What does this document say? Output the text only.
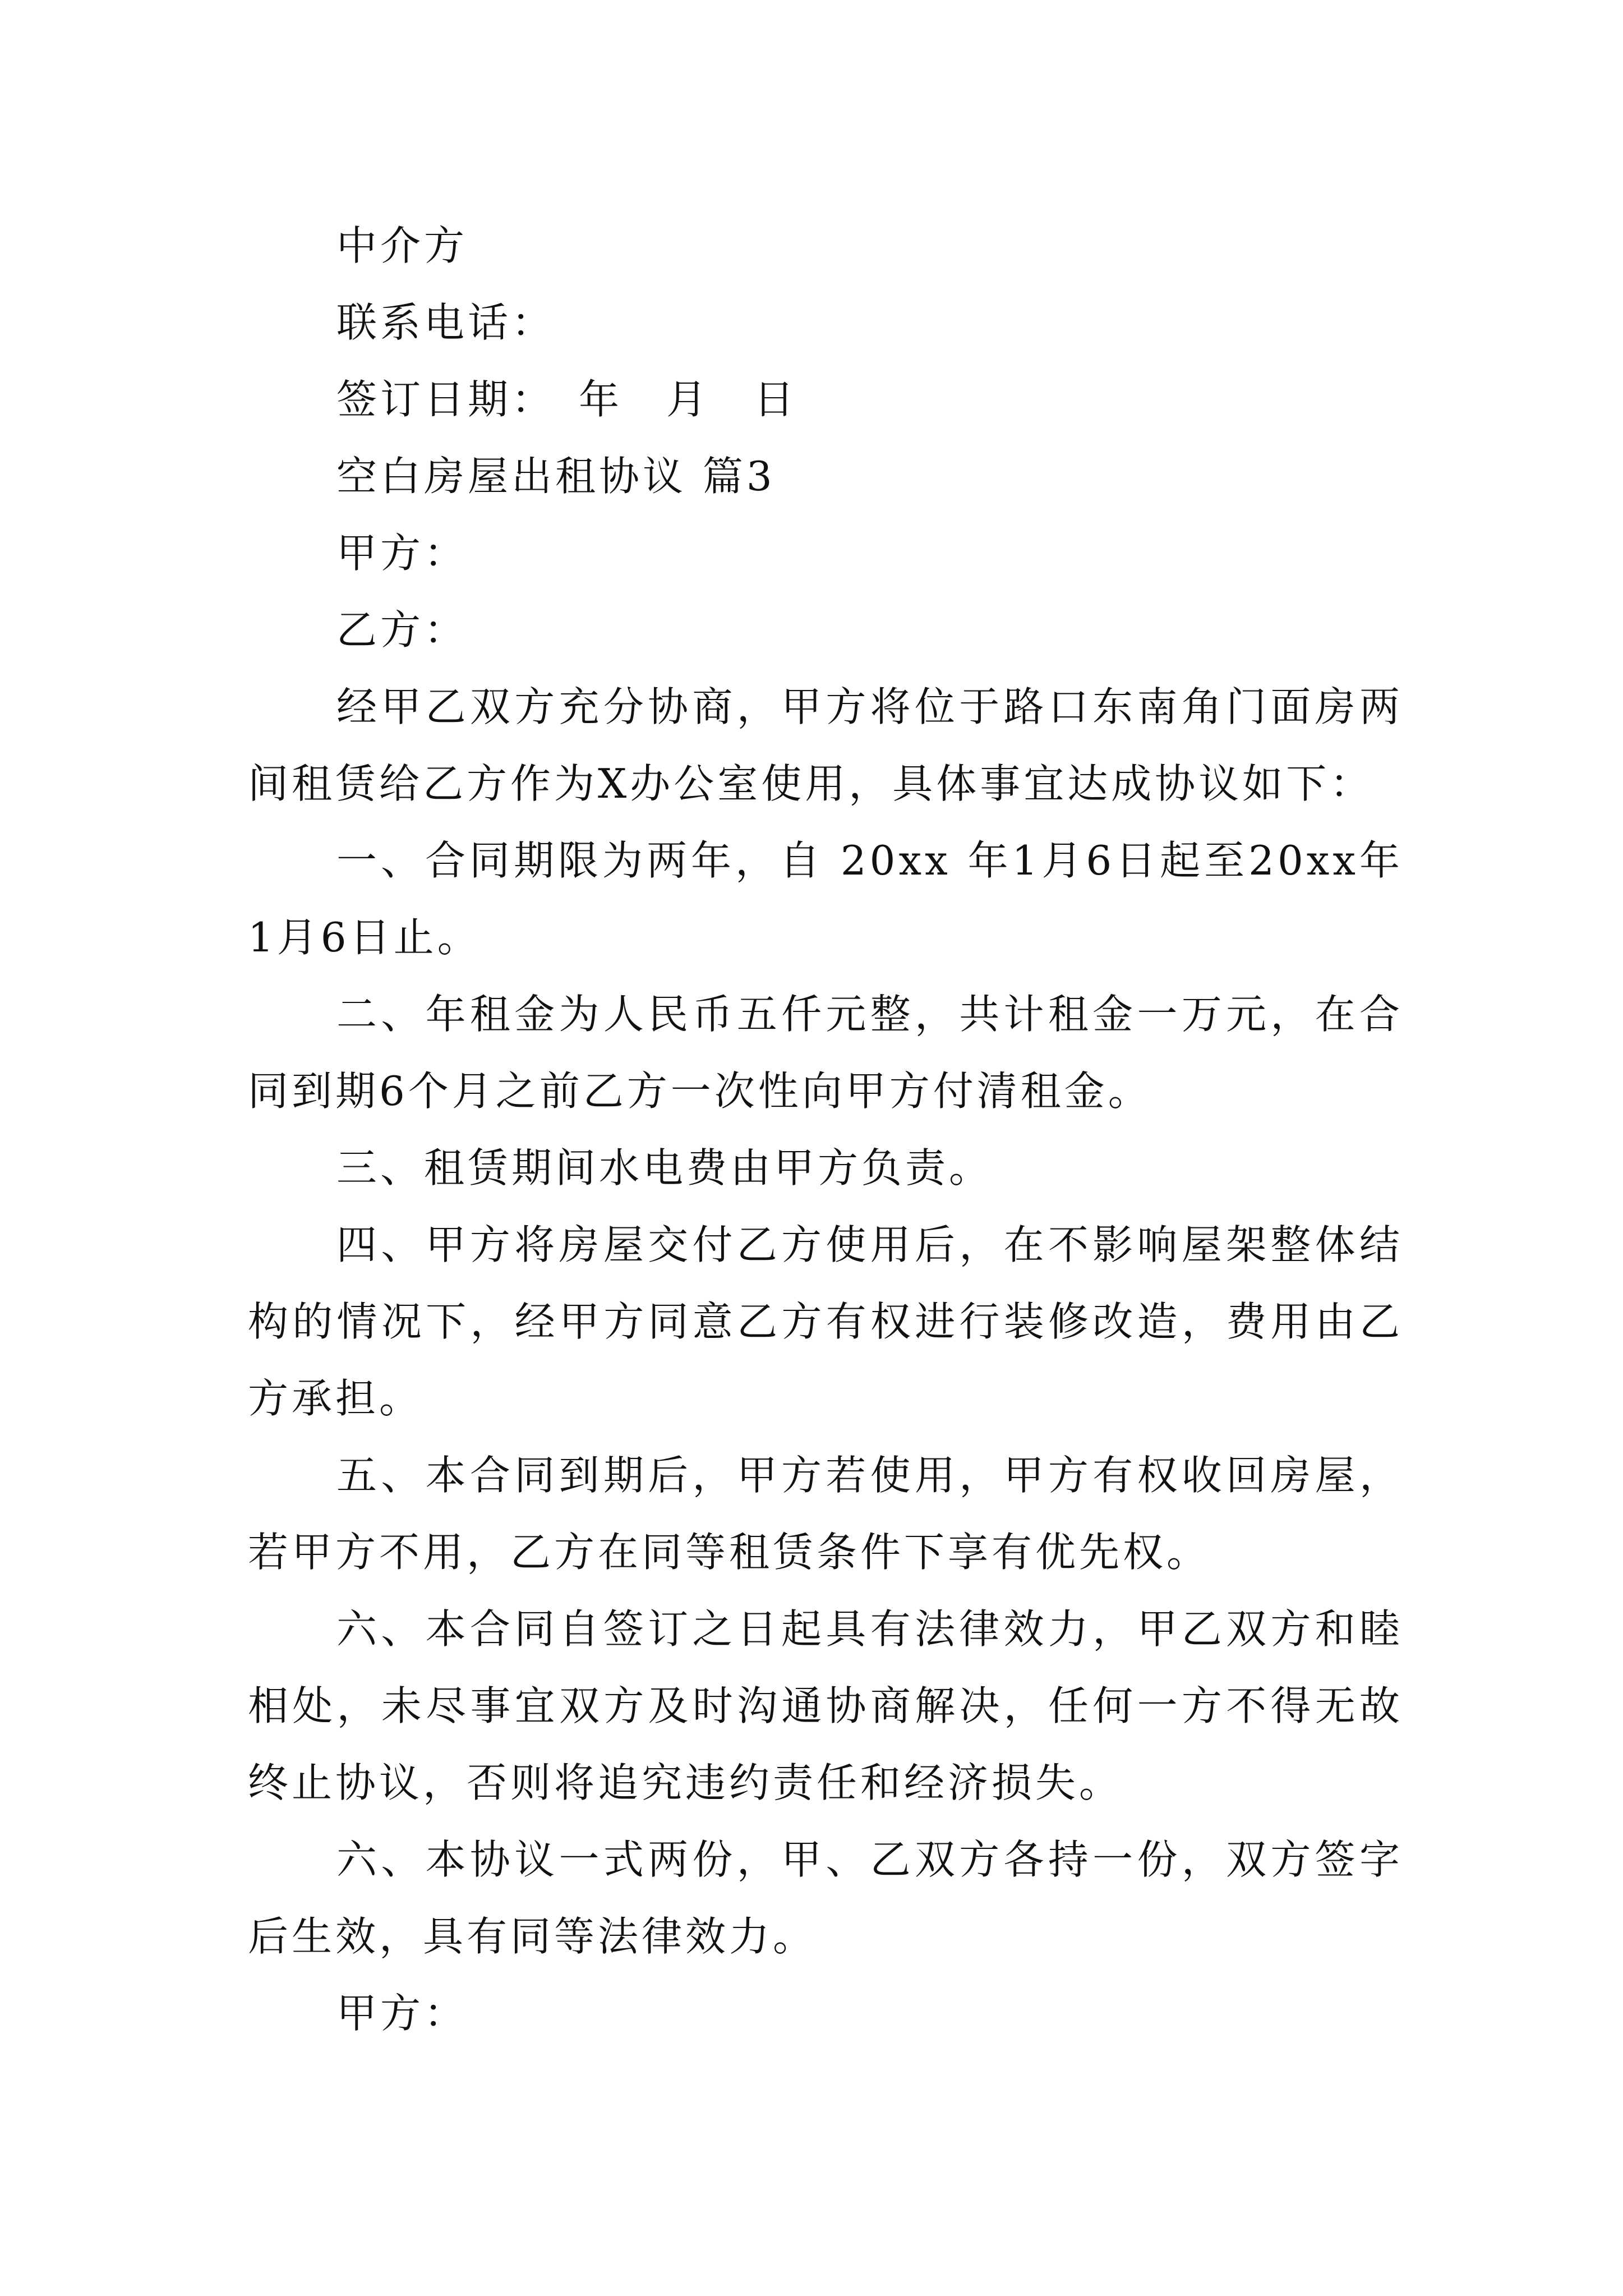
中介方
联系电话：
签订日期：　年　月　日
空白房屋出租协议 篇3
甲方：
乙方：

经甲乙双方充分协商，甲方将位于路口东南角门面房两间租赁给乙方作为X办公室使用，具体事宜达成协议如下：

一、合同期限为两年，自 20xx 年1月6日起至20xx年1月6日止。

二、年租金为人民币五仟元整，共计租金一万元，在合同到期6个月之前乙方一次性向甲方付清租金。

三、租赁期间水电费由甲方负责。

四、甲方将房屋交付乙方使用后，在不影响屋架整体结构的情况下，经甲方同意乙方有权进行装修改造，费用由乙方承担。

五、本合同到期后，甲方若使用，甲方有权收回房屋，若甲方不用，乙方在同等租赁条件下享有优先权。

六、本合同自签订之日起具有法律效力，甲乙双方和睦相处，未尽事宜双方及时沟通协商解决，任何一方不得无故终止协议，否则将追究违约责任和经济损失。

六、本协议一式两份，甲、乙双方各持一份，双方签字后生效，具有同等法律效力。

甲方：
